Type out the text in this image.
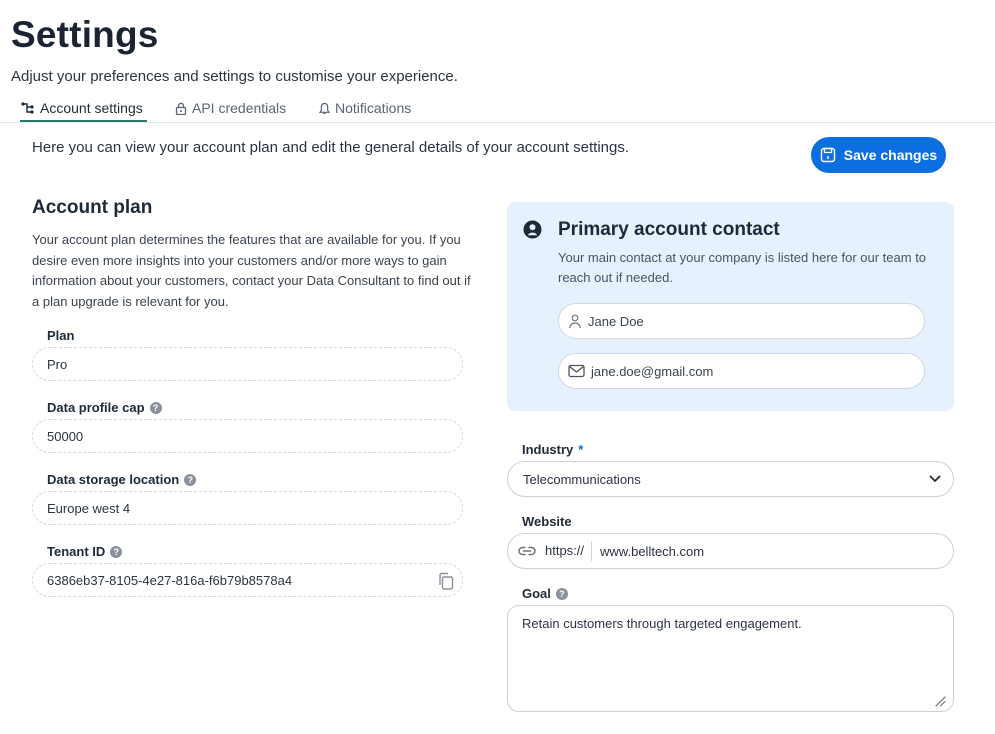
Settings
Adjust your preferences and settings to customise your experience.
Account settings	API credentials	Notifications
Here you can view your account plan and edit the general details of your account settings.	Save changes
Account plan
Your account plan determines the features that are available for you. If you desire even more insights into your customers and/or more ways to gain information about your customers, contact your Data Consultant to find out if a plan upgrade is relevant for you.
Plan
Pro
Data profile cap ?
50000
Data storage location ?
Europe west 4
Tenant ID ?
6386eb37-8105-4e27-816a-f6b79b8578a4
Primary account contact
Your main contact at your company is listed here for our team to reach out if needed.
Jane Doe
jane.doe@gmail.com
Industry *
Telecommunications
Website
https://	www.belltech.com
Goal ?
Retain customers through targeted engagement.
